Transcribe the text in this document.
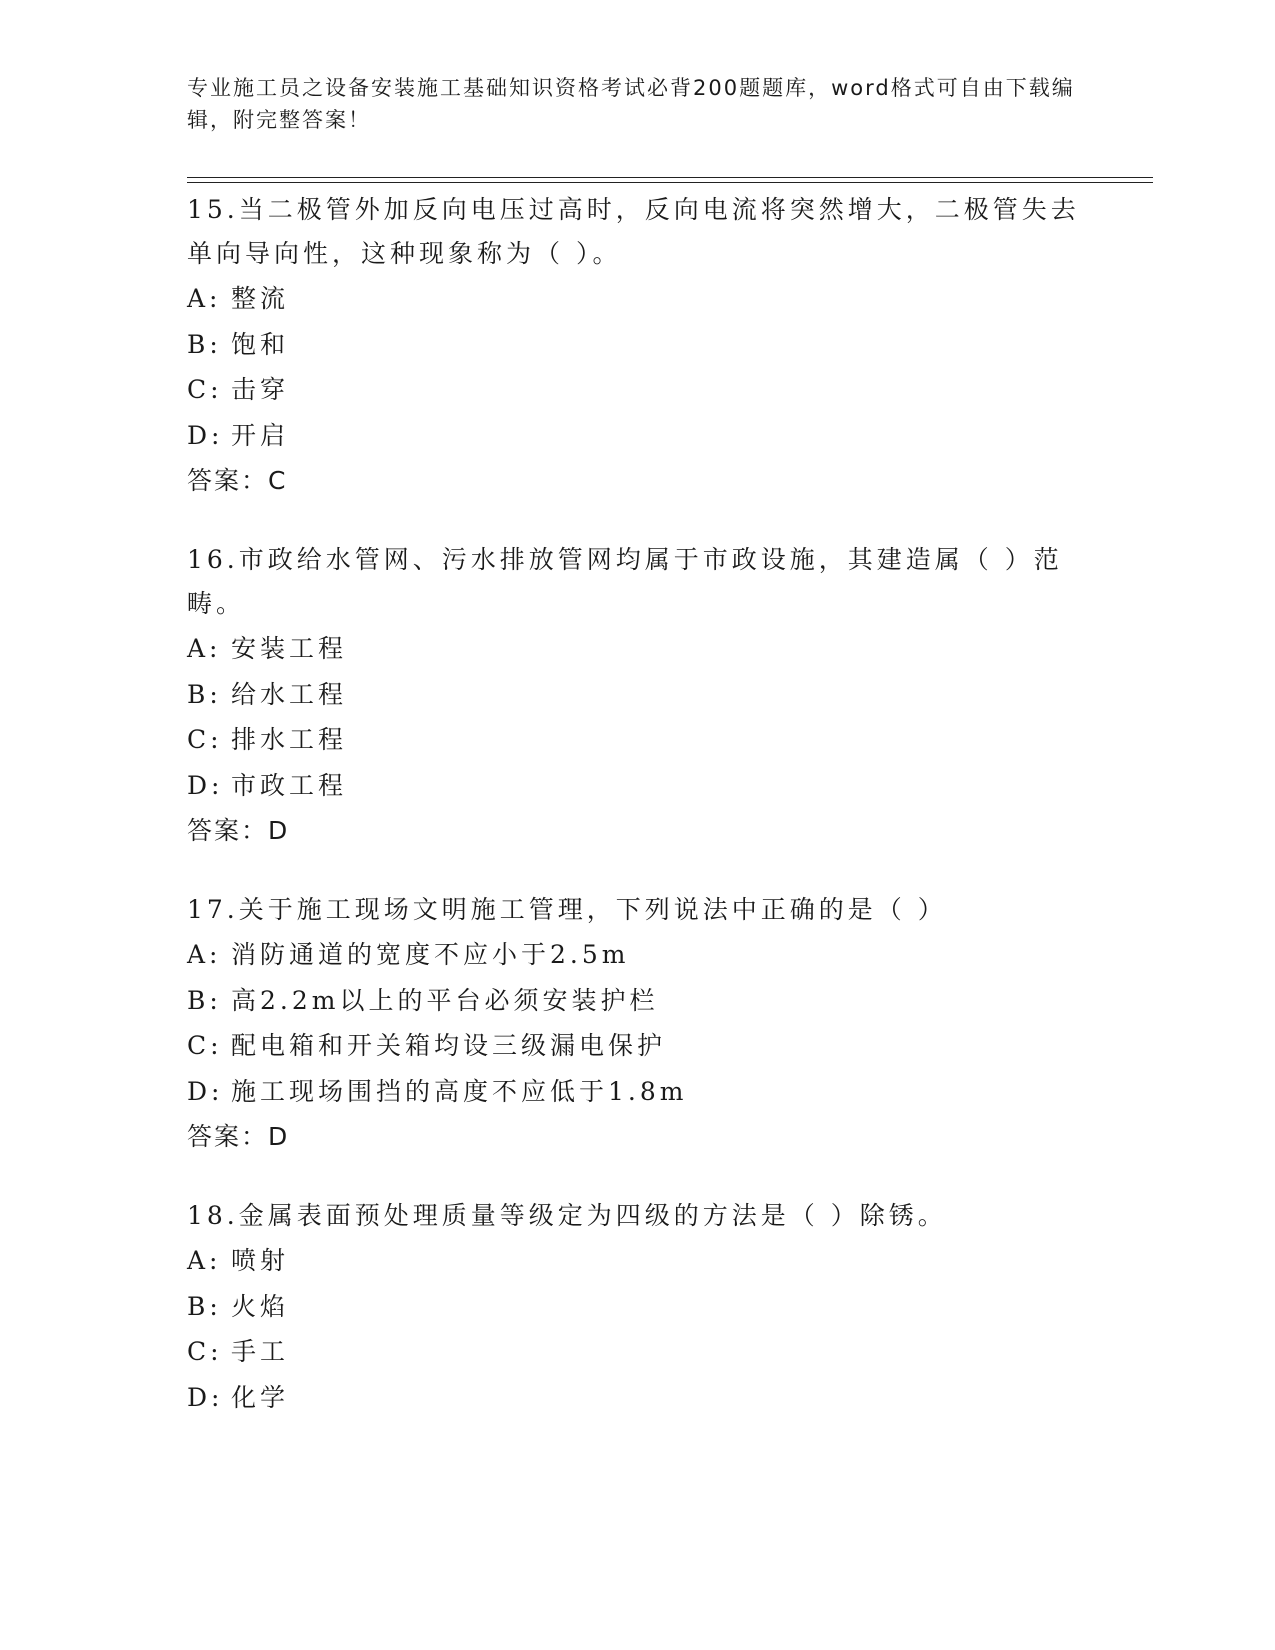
专业施工员之设备安装施工基础知识资格考试必背200题题库，word格式可自由下载编辑，附完整答案！

15.当二极管外加反向电压过高时，反向电流将突然增大，二极管失去单向导向性，这种现象称为（ ）。

A: 整流
B: 饱和
C: 击穿
D: 开启

答案：C

16.市政给水管网、污水排放管网均属于市政设施，其建造属（ ）范畴。

A: 安装工程
B: 给水工程
C: 排水工程
D: 市政工程

答案：D

17.关于施工现场文明施工管理，下列说法中正确的是（ ）

A: 消防通道的宽度不应小于2.5m
B: 高2.2m以上的平台必须安装护栏
C: 配电箱和开关箱均设三级漏电保护
D: 施工现场围挡的高度不应低于1.8m

答案：D

18.金属表面预处理质量等级定为四级的方法是（ ）除锈。

A: 喷射
B: 火焰
C: 手工
D: 化学
